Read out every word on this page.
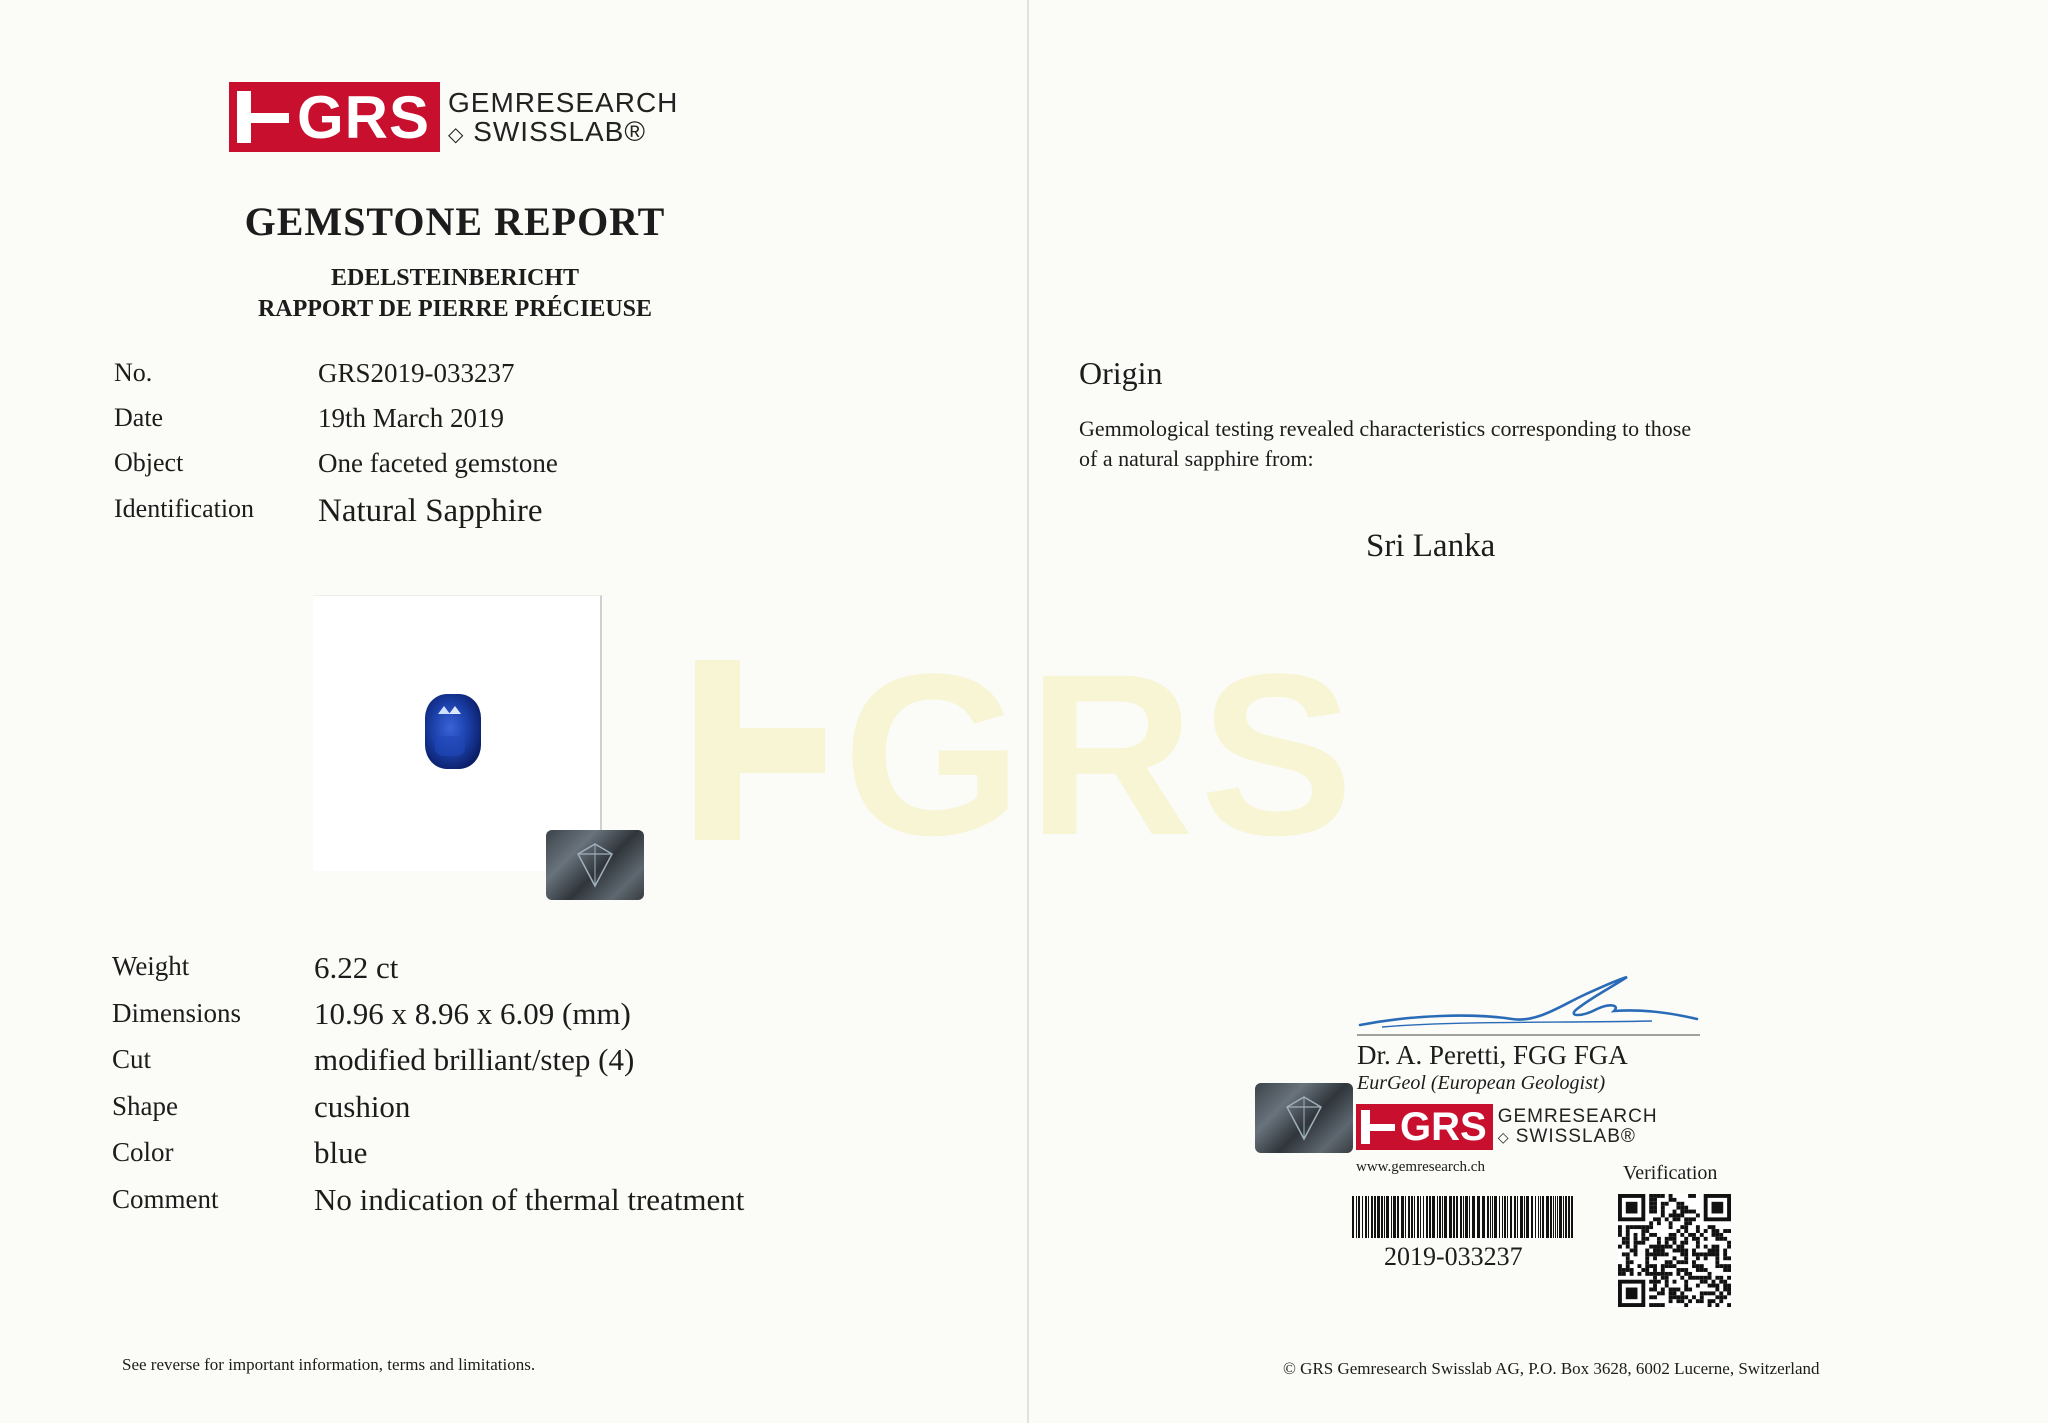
GRS
GRS GEMRESEARCH
◇ SWISSLAB®
GEMSTONE REPORT
EDELSTEINBERICHT
RAPPORT DE PIERRE PRÉCIEUSE
No.	GRS2019-033237
Date	19th March 2019
Object	One faceted gemstone
Identification Natural Sapphire
Weight	6.22 ct
Dimensions 10.96 x 8.96 x 6.09 (mm)
Cut	modified brilliant/step (4)
Shape	cushion
Color	blue
Comment	No indication of thermal treatment
See reverse for important information, terms and limitations.
Origin
Gemmological testing revealed characteristics corresponding to those
of a natural sapphire from:
Sri Lanka
Dr. A. Peretti, FGG FGA
EurGeol (European Geologist)
GRS GEMRESEARCH
◇ SWISSLAB®
www.gemresearch.ch	Verification
2019-033237
© GRS Gemresearch Swisslab AG, P.O. Box 3628, 6002 Lucerne, Switzerland
